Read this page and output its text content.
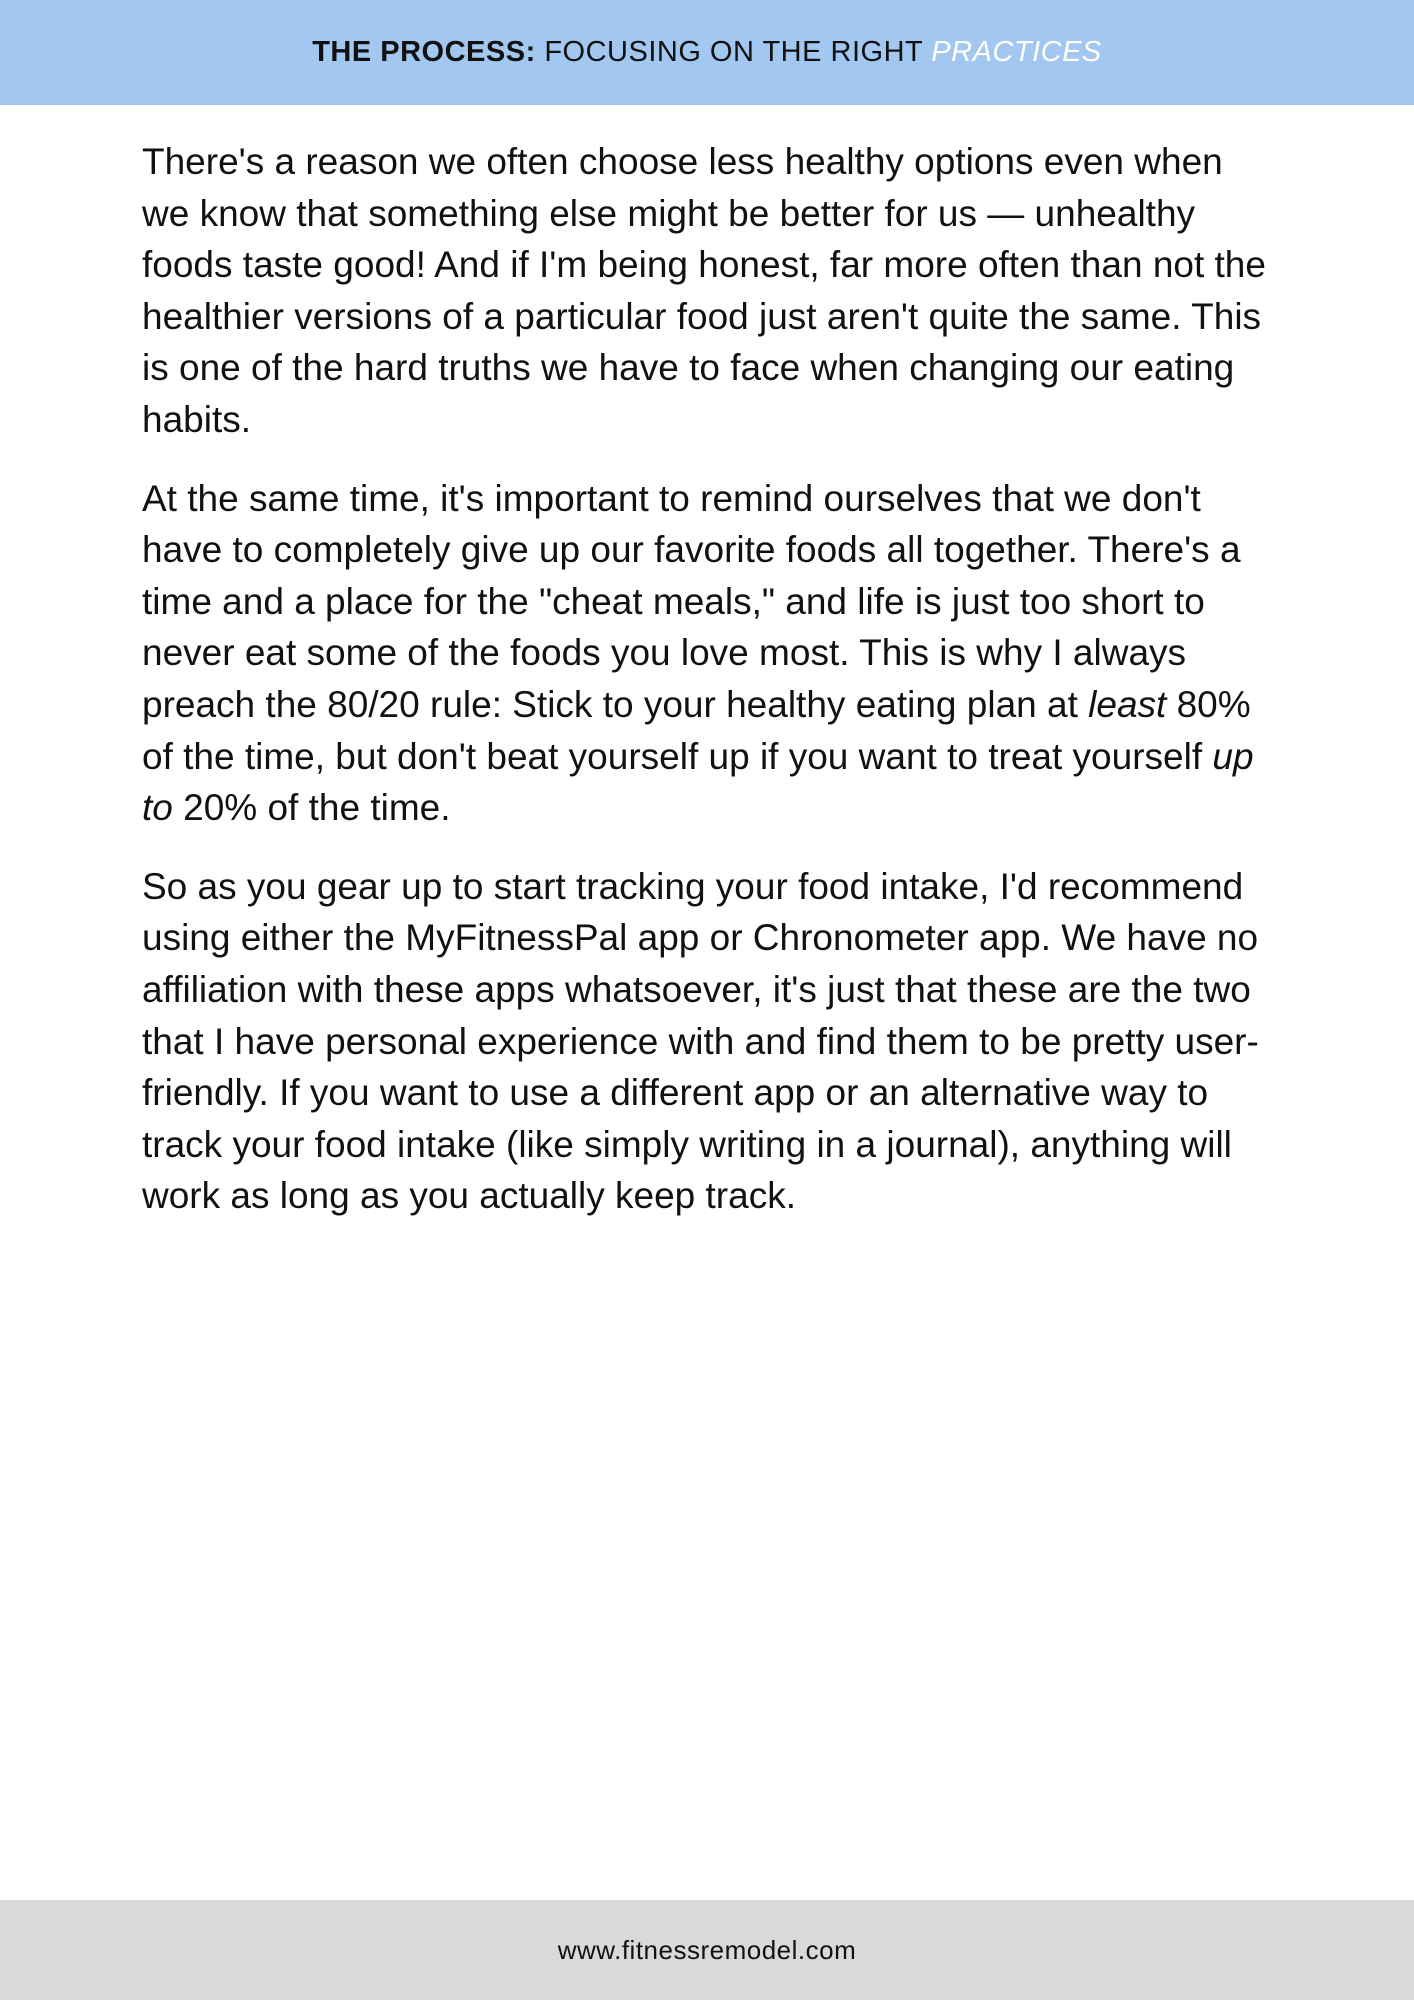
THE PROCESS: FOCUSING ON THE RIGHT PRACTICES

There's a reason we often choose less healthy options even when we know that something else might be better for us — unhealthy foods taste good! And if I'm being honest, far more often than not the healthier versions of a particular food just aren't quite the same. This is one of the hard truths we have to face when changing our eating habits.

At the same time, it's important to remind ourselves that we don't have to completely give up our favorite foods all together. There's a time and a place for the "cheat meals," and life is just too short to never eat some of the foods you love most. This is why I always preach the 80/20 rule: Stick to your healthy eating plan at least 80% of the time, but don't beat yourself up if you want to treat yourself up to 20% of the time.

So as you gear up to start tracking your food intake, I'd recommend using either the MyFitnessPal app or Chronometer app. We have no affiliation with these apps whatsoever, it's just that these are the two that I have personal experience with and find them to be pretty user-friendly. If you want to use a different app or an alternative way to track your food intake (like simply writing in a journal), anything will work as long as you actually keep track.

www.fitnessremodel.com
